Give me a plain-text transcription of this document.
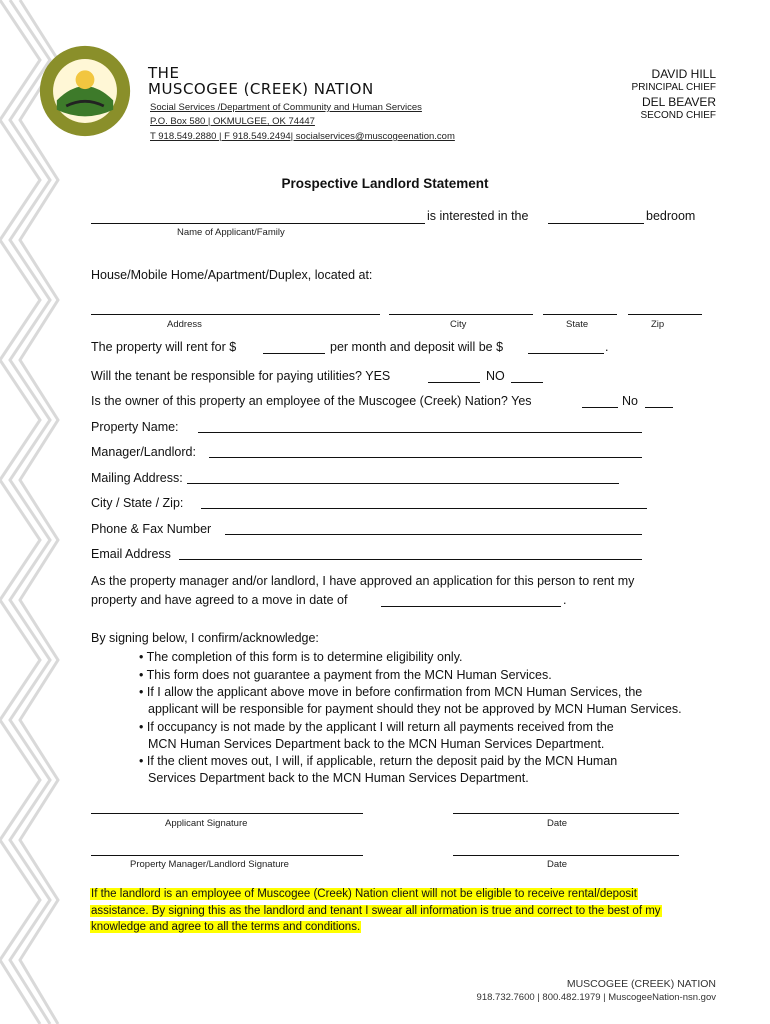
THE
MUSCOGEE (CREEK) NATION
Social Services /Department of Community and Human Services
P.O. Box 580 | OKMULGEE, OK 74447
T 918.549.2880 | F 918.549.2494| socialservices@muscogeenation.com
DAVID HILL
PRINCIPAL CHIEF
DEL BEAVER
SECOND CHIEF
Prospective Landlord Statement
is interested in the	bedroom
Name of Applicant/Family
House/Mobile Home/Apartment/Duplex, located at:
Address	City	State	Zip
The property will rent for $	per month and deposit will be $	.
Will the tenant be responsible for paying utilities? YES	NO
Is the owner of this property an employee of the Muscogee (Creek) Nation? Yes	No
Property Name:
Manager/Landlord:
Mailing Address:
City / State / Zip:
Phone & Fax Number
Email Address
As the property manager and/or landlord, I have approved an application for this person to rent my
property and have agreed to a move in date of	.
By signing below, I confirm/acknowledge:
• The completion of this form is to determine eligibility only.
• This form does not guarantee a payment from the MCN Human Services.
• If I allow the applicant above move in before confirmation from MCN Human Services, the
applicant will be responsible for payment should they not be approved by MCN Human Services.
• If occupancy is not made by the applicant I will return all payments received from the
MCN Human Services Department back to the MCN Human Services Department.
• If the client moves out, I will, if applicable, return the deposit paid by the MCN Human
Services Department back to the MCN Human Services Department.
Applicant Signature	Date
Property Manager/Landlord Signature	Date
If the landlord is an employee of Muscogee (Creek) Nation client will not be eligible to receive rental/deposit
assistance. By signing this as the landlord and tenant I swear all information is true and correct to the best of my
knowledge and agree to all the terms and conditions.
MUSCOGEE (CREEK) NATION
918.732.7600 | 800.482.1979 | MuscogeeNation-nsn.gov
